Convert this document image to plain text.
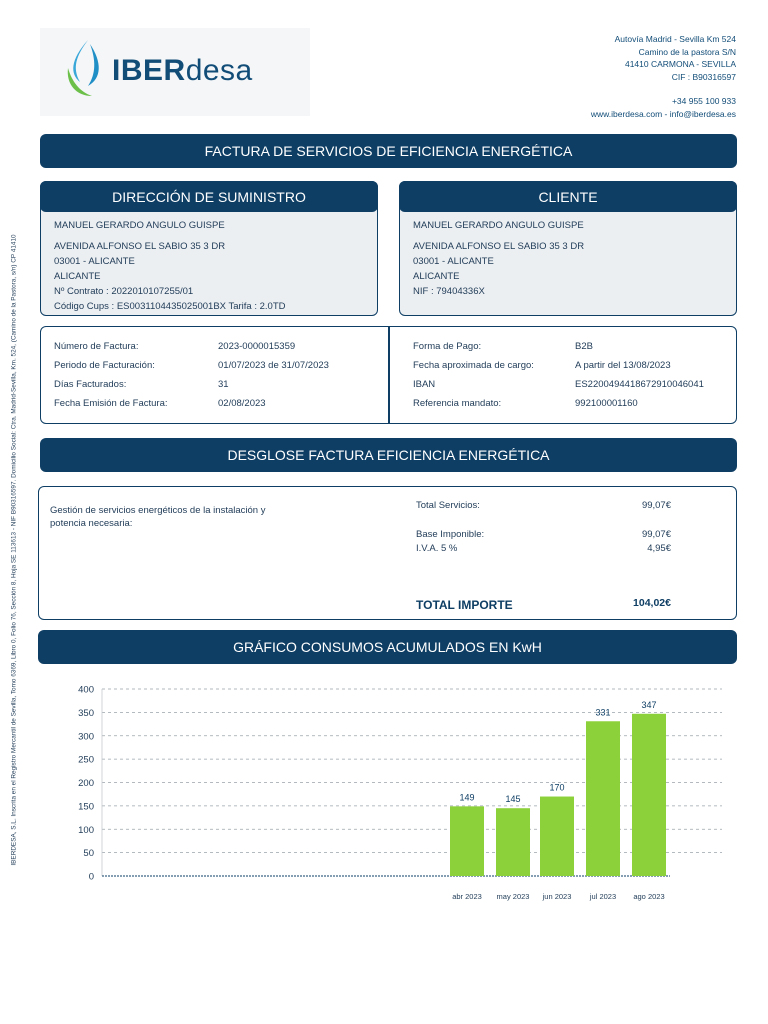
IBERdesa
Autovía Madrid - Sevilla Km 524
Camino de la pastora S/N
41410 CARMONA - SEVILLA
CIF : B90316597
+34 955 100 933
www.iberdesa.com - info@iberdesa.es
IBERDESA, S.L. Inscrita en el Registro Mercantil de Sevilla, Tomo 6369, Libro 0, Folio 76, Sección 8, Hoja SE 113613 - NIF B90316597. Domicilio Social: Ctra. Madrid-Sevilla, Km. 524, (Camino de la Pastora, s/n) CP 41410
FACTURA DE SERVICIOS DE EFICIENCIA ENERGÉTICA
DIRECCIÓN DE SUMINISTRO
MANUEL GERARDO ANGULO GUISPE
AVENIDA ALFONSO EL SABIO 35 3 DR
03001 - ALICANTE
ALICANTE
Nº Contrato : 2022010107255/01
Código Cups : ES0031104435025001BX Tarifa : 2.0TD
CLIENTE
MANUEL GERARDO ANGULO GUISPE
AVENIDA ALFONSO EL SABIO 35 3 DR
03001 - ALICANTE
ALICANTE
NIF : 79404336X
Número de Factura:	2023-0000015359
Periodo de Facturación:	01/07/2023 de 31/07/2023
Días Facturados:	31
Fecha Emisión de Factura:	02/08/2023
Forma de Pago:	B2B
Fecha aproximada de cargo:	A partir del 13/08/2023
IBAN	ES2200494418672910046041
Referencia mandato:	992100001160
DESGLOSE FACTURA EFICIENCIA ENERGÉTICA
Gestión de servicios energéticos de la instalación y
potencia necesaria:
Total Servicios:	99,07€
Base Imponible:	99,07€
I.V.A. 5 %	4,95€
TOTAL IMPORTE	104,02€
GRÁFICO CONSUMOS ACUMULADOS EN KwH
0
50
100
150
200
250
300
350
400
149
abr 2023
145
may 2023
170
jun 2023
331
jul 2023
347
ago 2023
